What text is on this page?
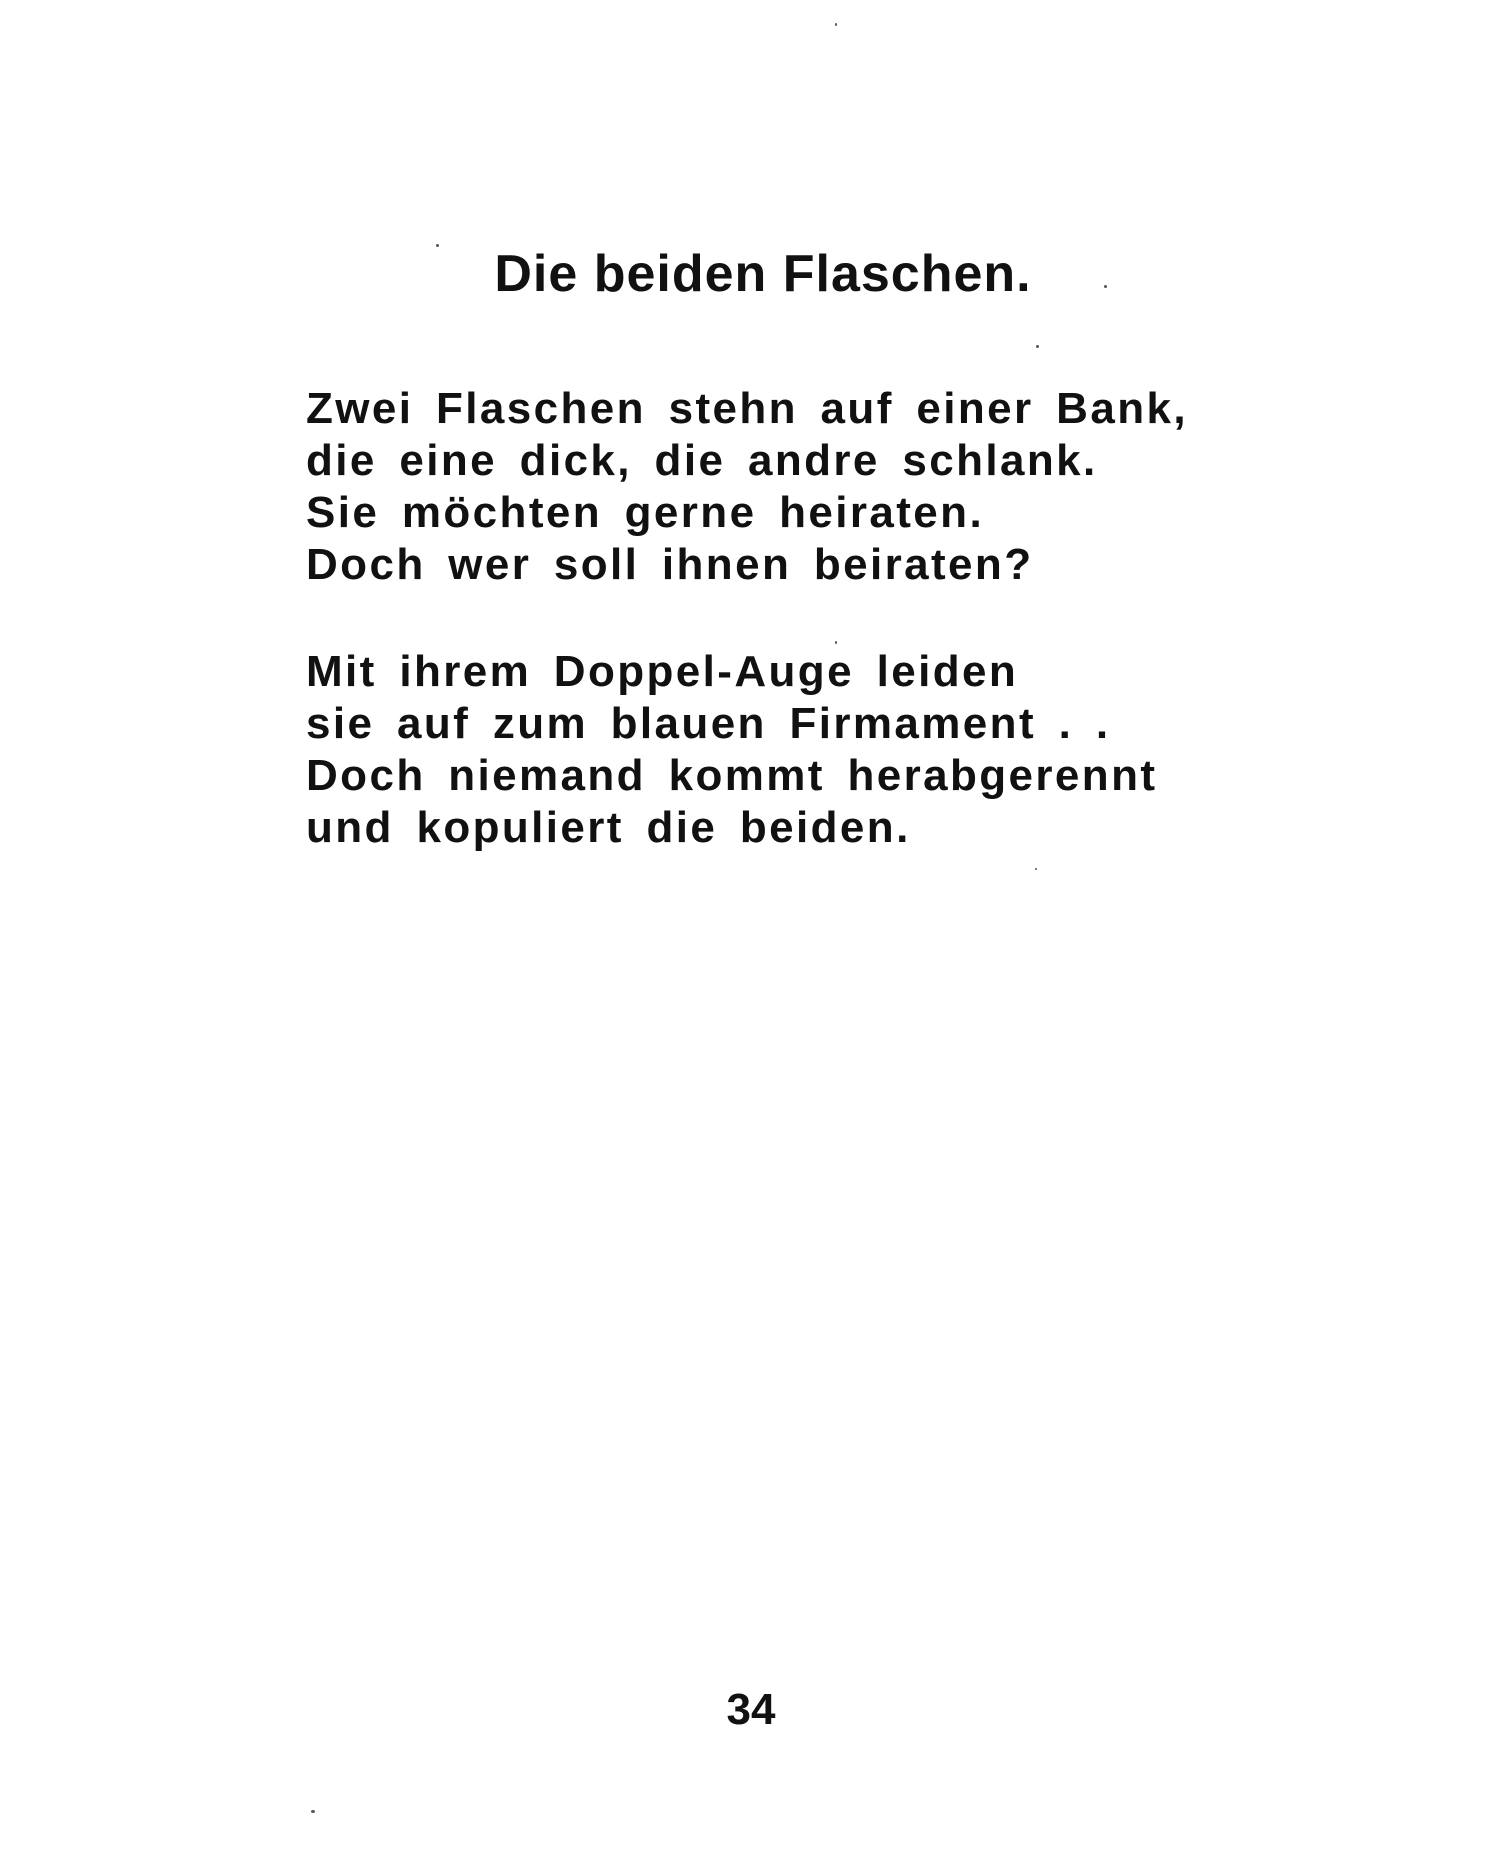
Die beiden Flaschen.
Zwei Flaschen stehn auf einer Bank,
die eine dick, die andre schlank.
Sie möchten gerne heiraten.
Doch wer soll ihnen beiraten?
Mit ihrem Doppel-Auge leiden
sie auf zum blauen Firmament . .
Doch niemand kommt herabgerennt
und kopuliert die beiden.
34
